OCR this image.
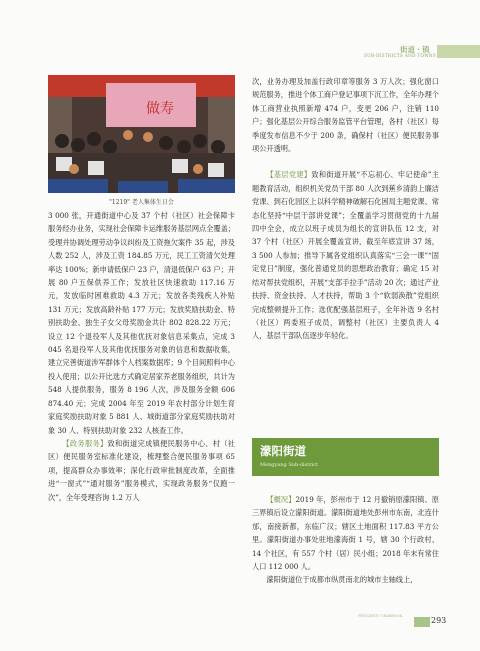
街道 · 镇
SUB-DISTRICTS AND TOWNS
做寿
"1219" 老人集体生日会

3 000 张，开通街道中心及 37 个村（社区）社会保障卡服务经办业务，实现社会保障卡运维服务基层网点全覆盖；受理并协调处理劳动争议纠纷及工资拖欠案件 35 起，涉及人数 252 人，涉及工资 184.85 万元，民工工资清欠处理率达 100%；新申请低保户 23 户，清退低保户 63 户；开展 80 户五保供养工作；发放社区快速救助 117.16 万元，发放临时困难救助 4.3 万元；发放各类残疾人补贴 131 万元；发放高龄补贴 177 万元；发放奖励扶助金、特别扶助金、独生子女父母奖励金共计 802 828.22 万元；设立 12 个退役军人及其他优抚对象信息采集点，完成 3 045 名退役军人及其他优抚服务对象的信息和数据收集，建立完善街道涉军群体个人档案数据库；9 个目间照料中心投入使用；以公开比选方式确定居家养老服务组织，共计为 548 人提供服务，服务 8 196 人次，涉及服务金额 606 874.40 元；完成 2004 年至 2019 年农村部分计划生育家庭奖励扶助对象 5 881 人、城街道部分家庭奖励扶助对象 30 人、特别扶助对象 232 人核查工作。

【政务服务】致和街道完成镇便民服务中心、村（社区）便民服务室标准化建设，梳理整合便民服务事项 65 项，提高群众办事效率；深化行政审批制度改革，全面推进“一窗式”“通对服务”服务模式，实现政务服务“仅跑一次”，全年受理咨询 1.2 万人

次，业务办理及加盖行政印章等服务 3 万人次；强化窗口规范服务，推进个体工商户登记事项下沉工作，全年办理个体工商营业执照新增 474 户，变更 206 户，注销 110 户；强化基层公开综合服务监管平台管理，各村（社区）每季度发布信息不少于 200 条，确保村（社区）便民服务事项公开透明。

【基层党建】致和街道开展“不忘初心、牢记使命”主题教育活动，组织机关党员干部 80 人次到蕉乡清韵上廉洁党课、到石化园区上以科学精神破解石化困局主题党课、常态化坚持“中层干部讲党课”；全覆盖学习贯彻党的十九届四中全会，成立以班子成员为组长的宣讲队伍 12 支，对 37 个村（社区）开展全覆盖宣讲，截至年底宣讲 37 场，3 500 人参加；推导下属各党组织认真落实“三会一课”“固定党日”制度，强化普通党员的思想政治教育；确定 15 对结对帮扶党组织，开展“支部手拉手”活动 20 次；通过产业扶持、资金扶持、人才扶持，帮助 3 个“软弱涣散”党组织完成整顿提升工作；选优配强基层班子，全年补选 9 名村（社区）两委班子成员，调整村（社区）主要负责人 4 人，基层干部队伍逐步年轻化。

濛阳街道
Mengyang Sub-district

【概况】2019 年，彭州市于 12 月撤销原濛阳镇、原三界镇后设立濛阳街道。濛阳街道地处彭州市东南，北连什邡，南接新都，东临广汉；辖区土地面积 117.83 平方公里。濛阳街道办事处驻地濛海街 1 号，辖 30 个行政村、14 个社区，有 557 个村（居）民小组；2018 年末有常住人口 112 000 人。

濛阳街道位于成都市纵贯南北的城市主轴线上，

PENGZHOU YEARBOOK	293
